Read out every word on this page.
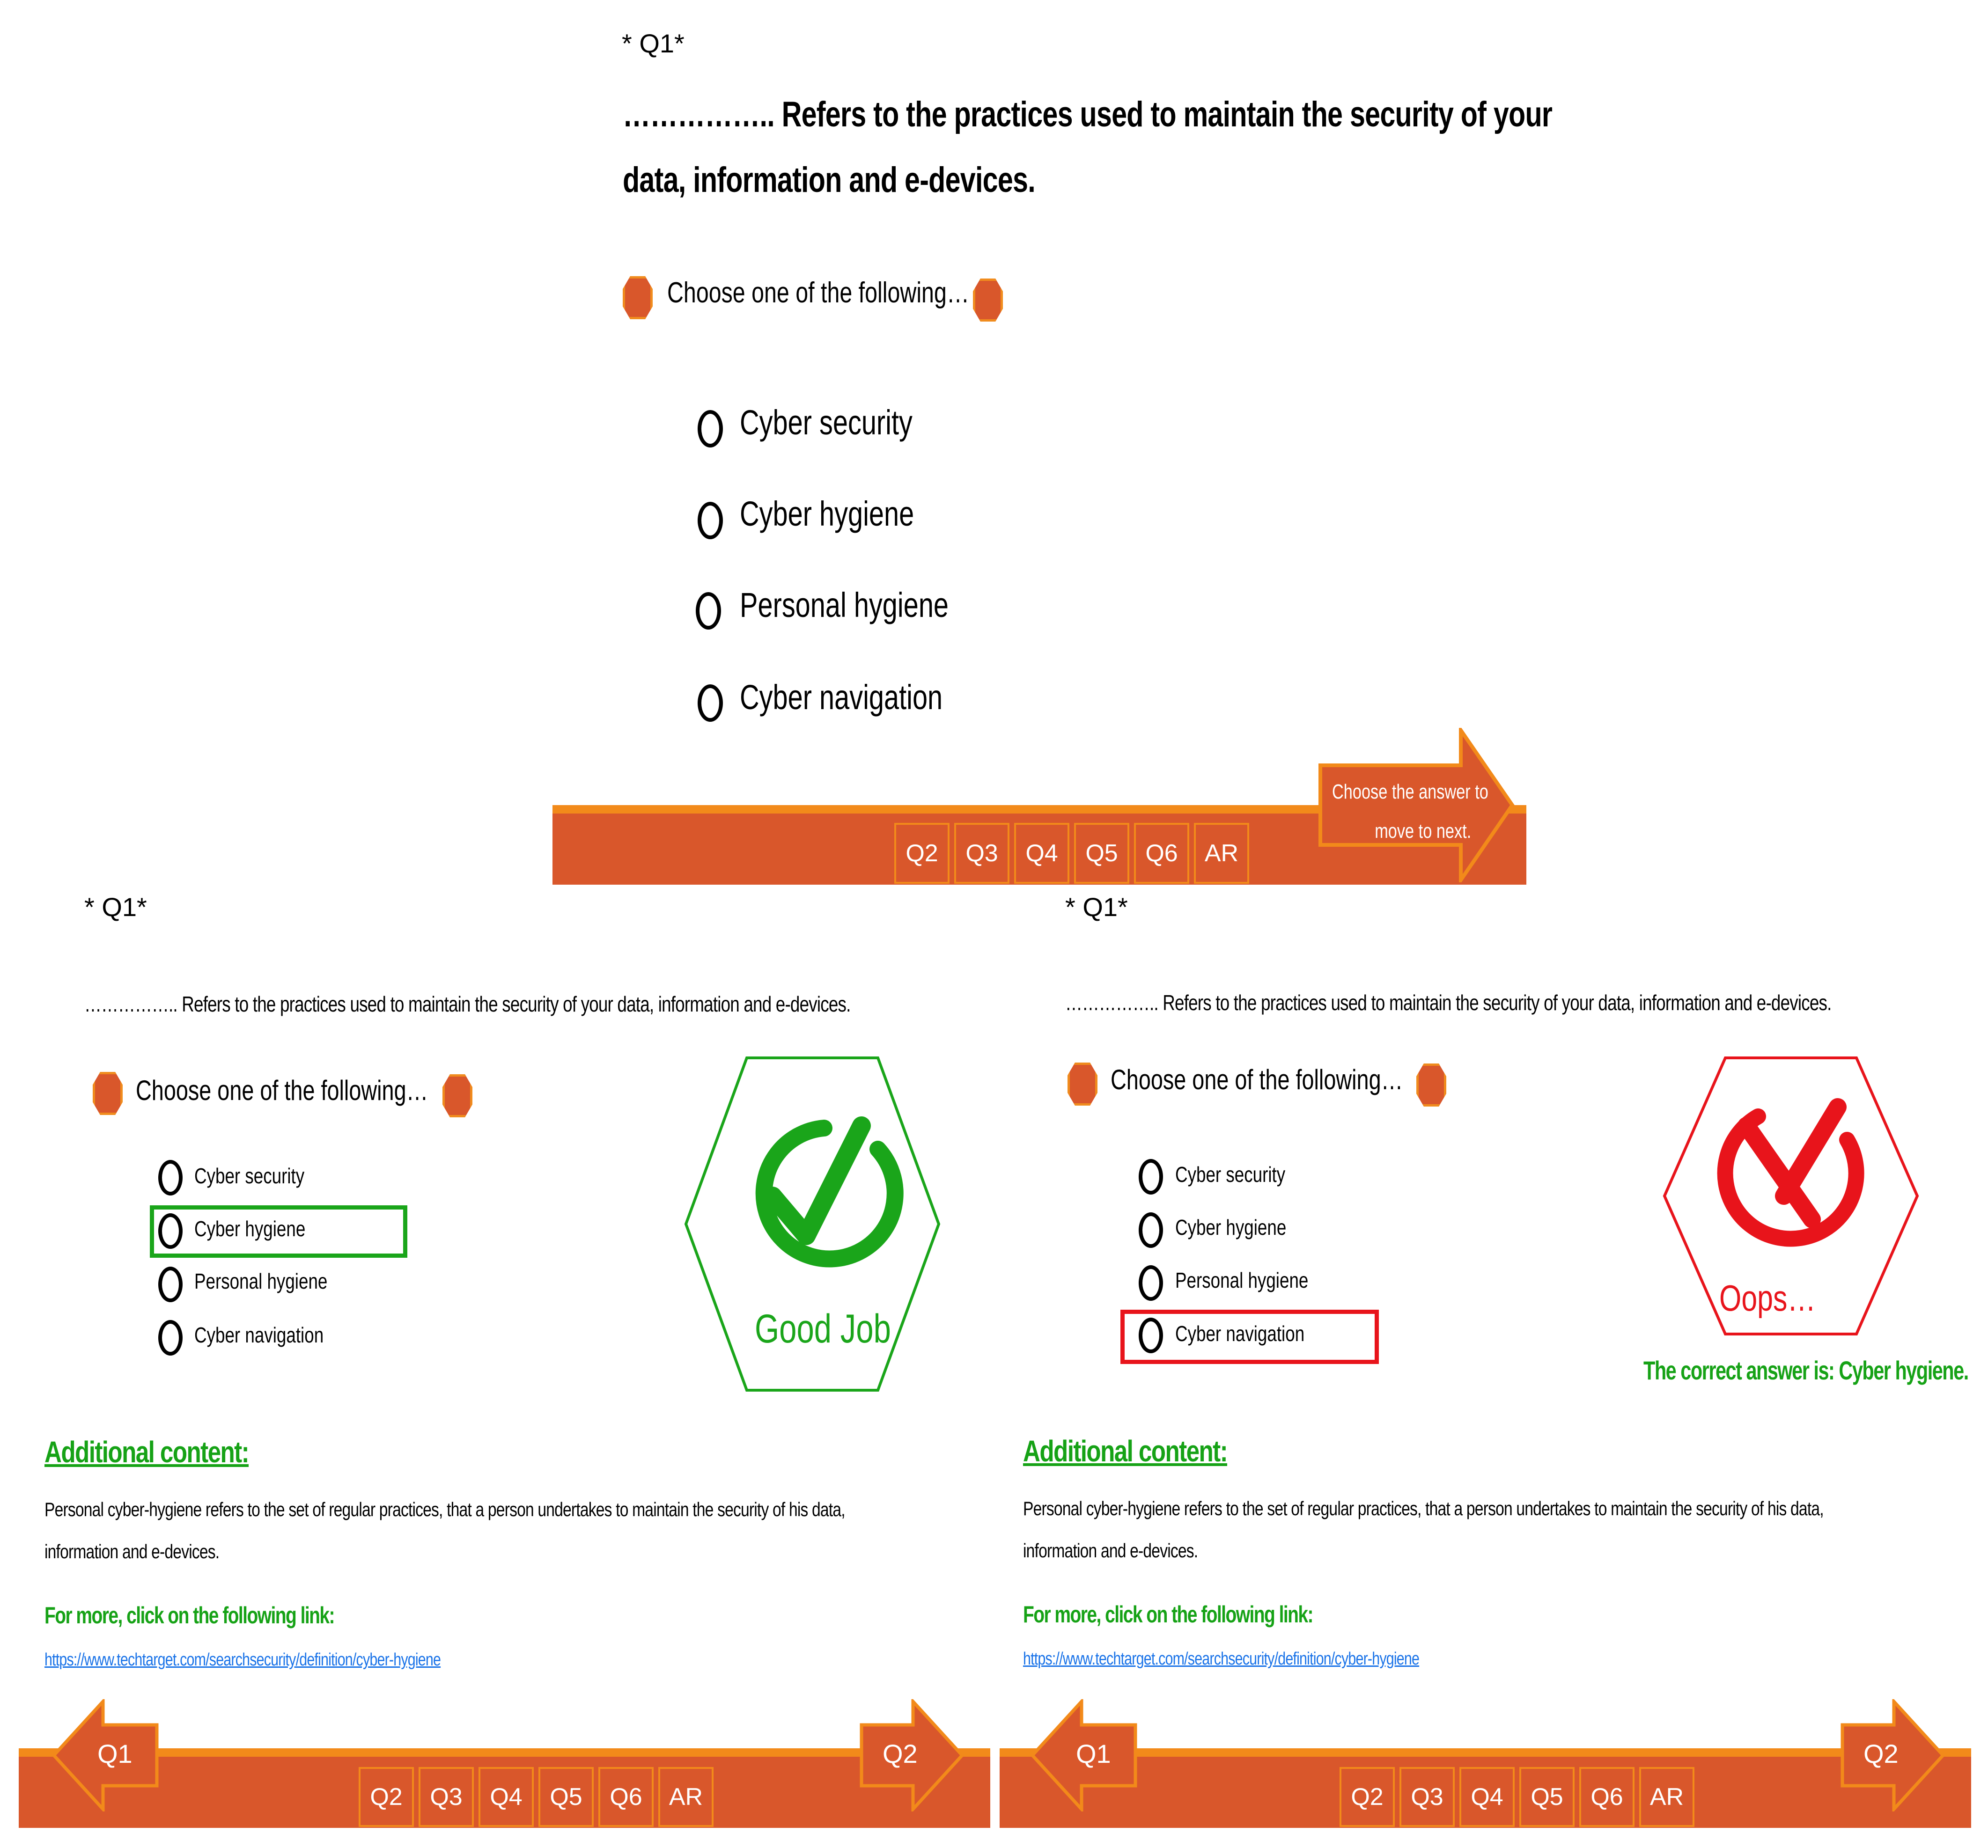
* Q1*
…………….. Refers to the practices used to maintain the security of your
data, information and e-devices.
Choose one of the following…
Cyber security
Cyber hygiene
Personal hygiene
Cyber navigation
Q2	Q3	Q4	Q5	Q6	AR
Choose the answer to
move to next.
* Q1*
…………….. Refers to the practices used to maintain the security of your data, information and e-devices.
Choose one of the following…
Cyber security
Cyber hygiene
Personal hygiene
Cyber navigation	Good Job
Additional content:
Personal cyber-hygiene refers to the set of regular practices, that a person undertakes to maintain the security of his data,
information and e-devices.
For more, click on the following link:
https://www.techtarget.com/searchsecurity/definition/cyber-hygiene
Q2	Q3	Q4	Q5	Q6	AR
Q1	Q2
* Q1*
…………….. Refers to the practices used to maintain the security of your data, information and e-devices.
Choose one of the following…
Cyber security
Cyber hygiene
Personal hygiene
Cyber navigation
Oops…
The correct answer is: Cyber hygiene.
Additional content:
Personal cyber-hygiene refers to the set of regular practices, that a person undertakes to maintain the security of his data,
information and e-devices.
For more, click on the following link:
https://www.techtarget.com/searchsecurity/definition/cyber-hygiene
Q2	Q3	Q4	Q5	Q6	AR
Q1	Q2
